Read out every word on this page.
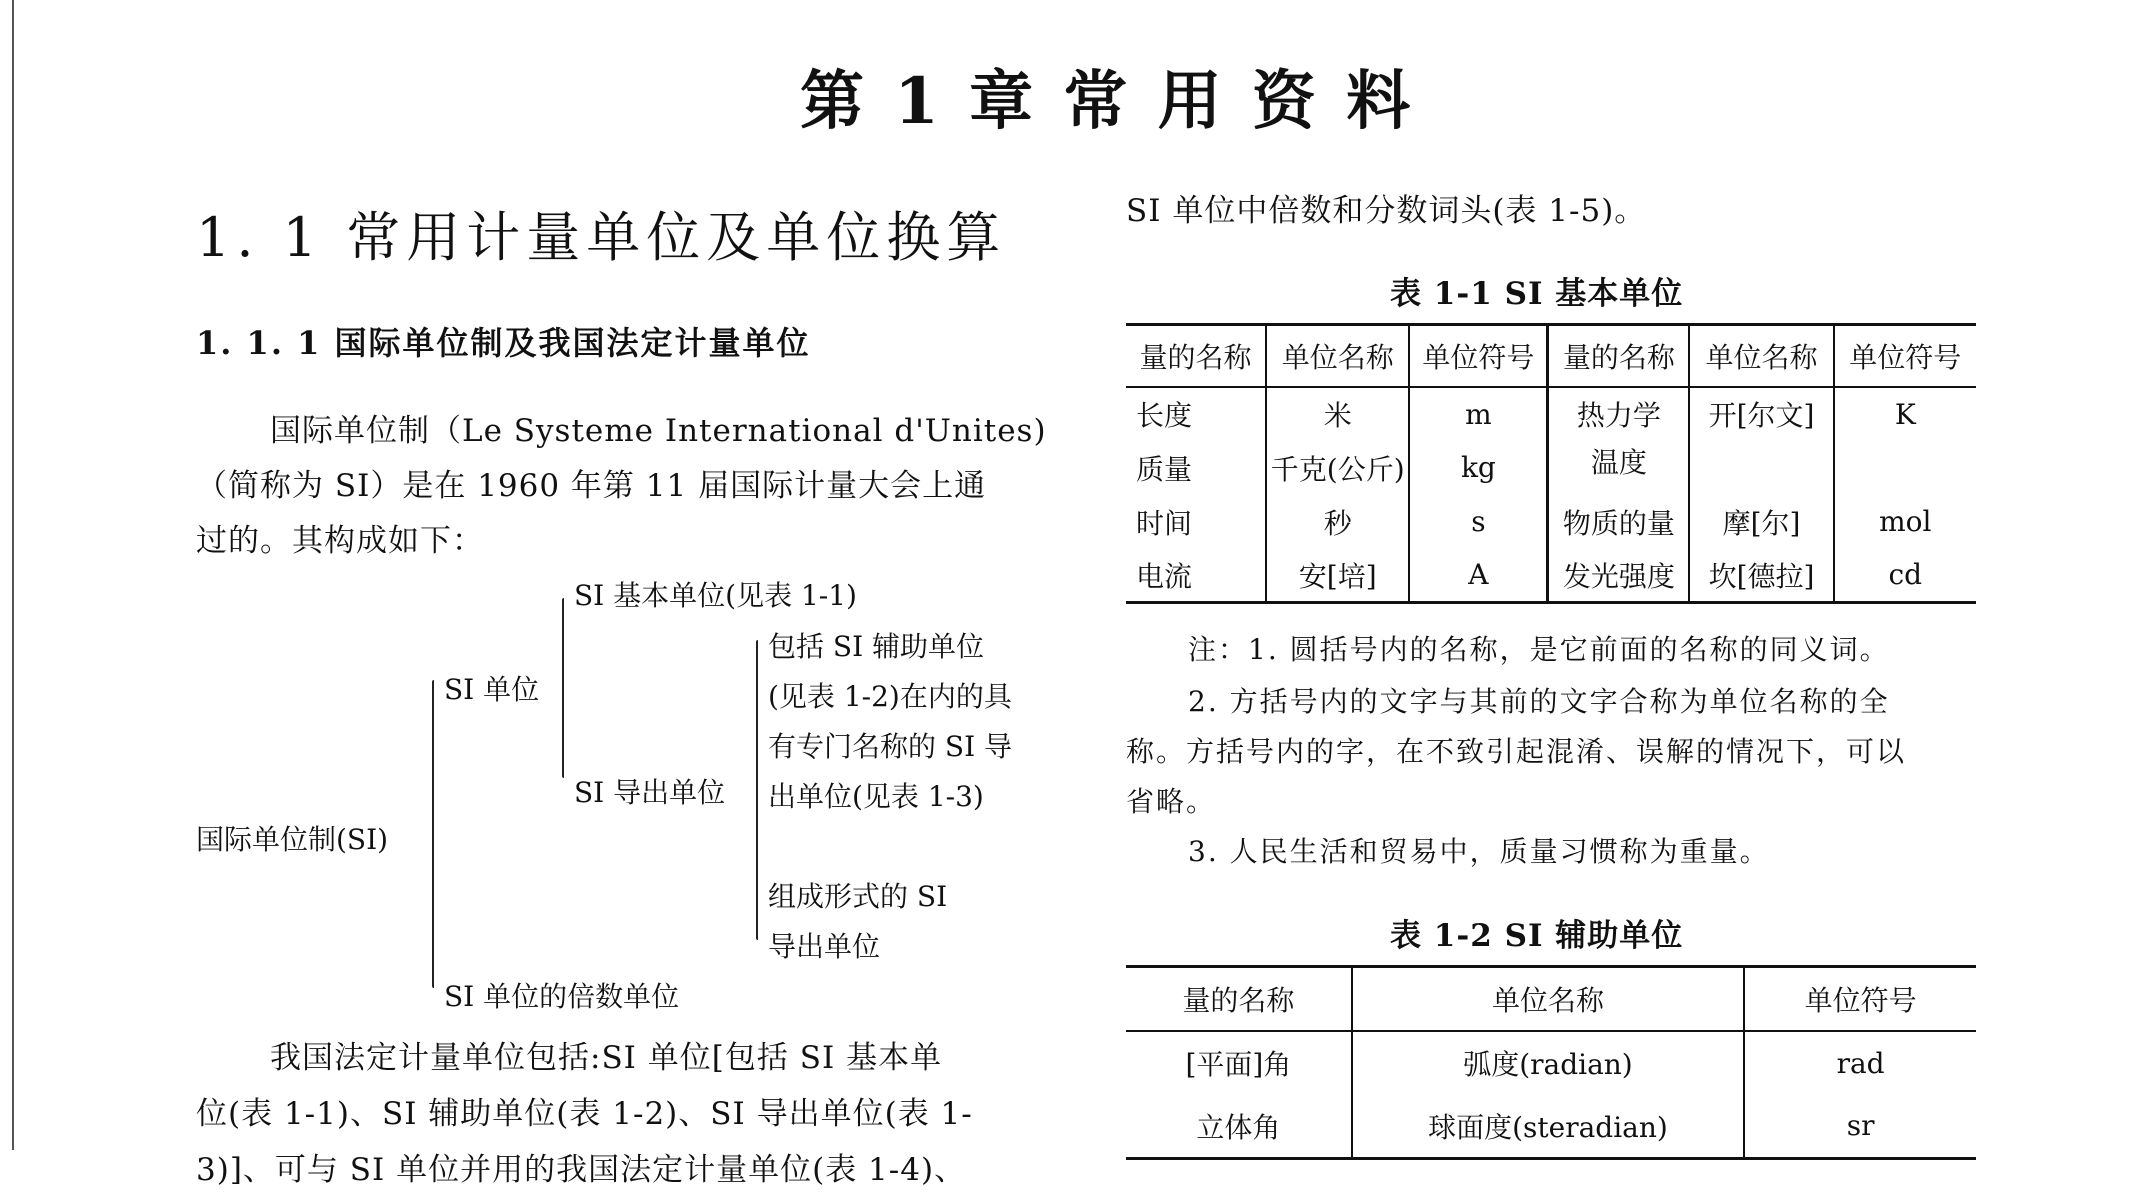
第 1 章 常 用 资 料
1. 1 常用计量单位及单位换算
1. 1. 1 国际单位制及我国法定计量单位
国际单位制（Le Systeme International d'Unites)
（简称为 SI）是在 1960 年第 11 届国际计量大会上通
过的。其构成如下：
国际单位制(SI)
SI 单位
SI 单位的倍数单位
SI 基本单位(见表 1-1)
SI 导出单位
包括 SI 辅助单位
(见表 1-2)在内的具
有专门名称的 SI 导
出单位(见表 1-3)
组成形式的 SI
导出单位
我国法定计量单位包括:SI 单位[包括 SI 基本单
位(表 1-1)、SI 辅助单位(表 1-2)、SI 导出单位(表 1-
3)]、可与 SI 单位并用的我国法定计量单位(表 1-4)、
SI 单位中倍数和分数词头(表 1-5)。
表 1-1 SI 基本单位
量的名称	单位名称	单位符号	量的名称	单位名称	单位符号
长度	米	m	热力学	开[尔文]	K
质量	千克(公斤)	kg	温度		
时间	秒	s	物质的量	摩[尔]	mol
电流	安[培]	A	发光强度	坎[德拉]	cd
注：1. 圆括号内的名称，是它前面的名称的同义词。
2. 方括号内的文字与其前的文字合称为单位名称的全
称。方括号内的字，在不致引起混淆、误解的情况下，可以
省略。
3. 人民生活和贸易中，质量习惯称为重量。
表 1-2 SI 辅助单位
量的名称	单位名称	单位符号
[平面]角	弧度(radian)	rad
立体角	球面度(steradian)	sr
